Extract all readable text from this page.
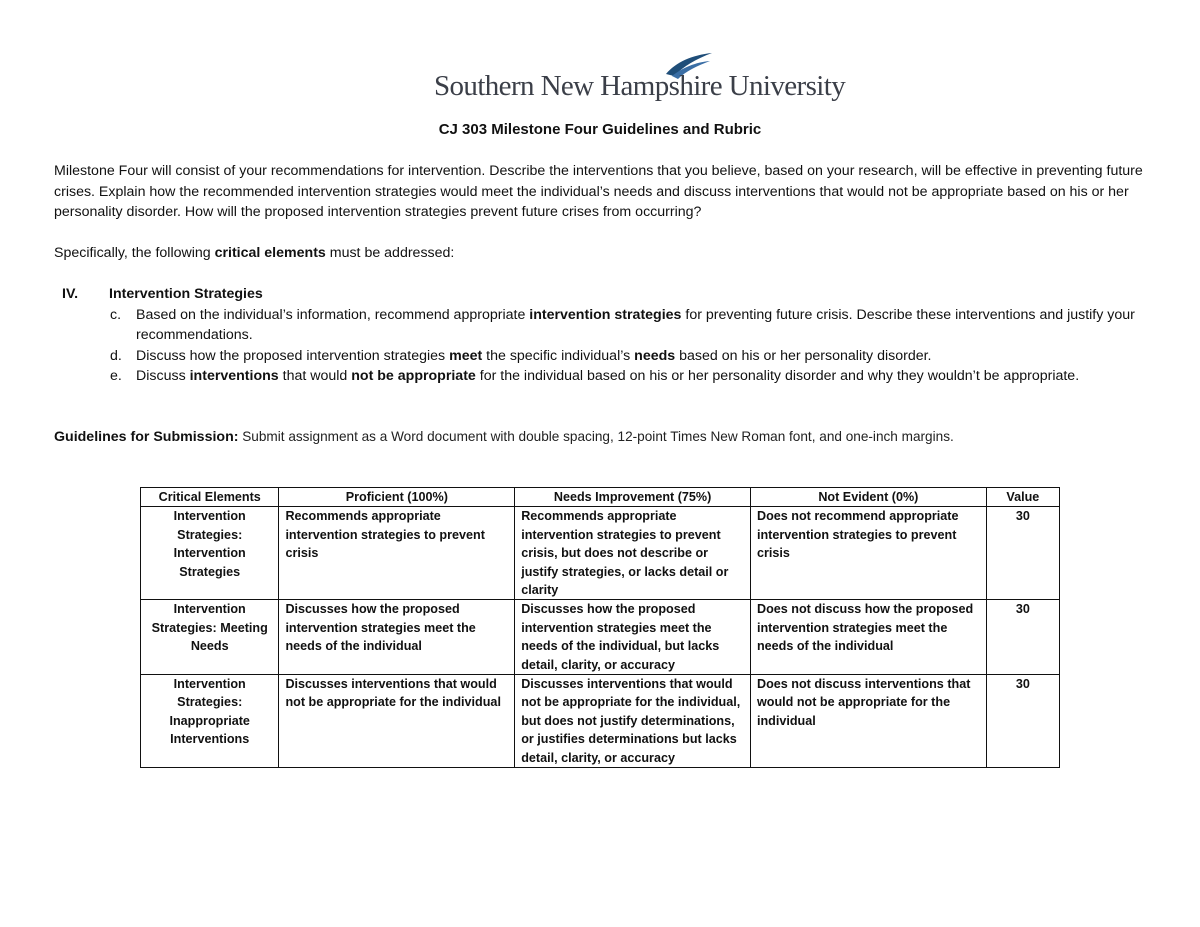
Southern New Hampshire University
CJ 303 Milestone Four Guidelines and Rubric
Milestone Four will consist of your recommendations for intervention. Describe the interventions that you believe, based on your research, will be effective in preventing future crises. Explain how the recommended intervention strategies would meet the individual’s needs and discuss interventions that would not be appropriate based on his or her personality disorder. How will the proposed intervention strategies prevent future crises from occurring?
Specifically, the following critical elements must be addressed:
IV. Intervention Strategies
c. Based on the individual’s information, recommend appropriate intervention strategies for preventing future crisis. Describe these interventions and justify your recommendations.
d. Discuss how the proposed intervention strategies meet the specific individual’s needs based on his or her personality disorder.
e. Discuss interventions that would not be appropriate for the individual based on his or her personality disorder and why they wouldn’t be appropriate.
Guidelines for Submission: Submit assignment as a Word document with double spacing, 12-point Times New Roman font, and one-inch margins.
Critical Elements	Proficient (100%)	Needs Improvement (75%)	Not Evident (0%)	Value
Intervention Strategies: Intervention Strategies	Recommends appropriate intervention strategies to prevent crisis	Recommends appropriate intervention strategies to prevent crisis, but does not describe or justify strategies, or lacks detail or clarity	Does not recommend appropriate intervention strategies to prevent crisis	30
Intervention Strategies: Meeting Needs	Discusses how the proposed intervention strategies meet the needs of the individual	Discusses how the proposed intervention strategies meet the needs of the individual, but lacks detail, clarity, or accuracy	Does not discuss how the proposed intervention strategies meet the needs of the individual	30
Intervention Strategies: Inappropriate Interventions	Discusses interventions that would not be appropriate for the individual	Discusses interventions that would not be appropriate for the individual, but does not justify determinations, or justifies determinations but lacks detail, clarity, or accuracy	Does not discuss interventions that would not be appropriate for the individual	30
